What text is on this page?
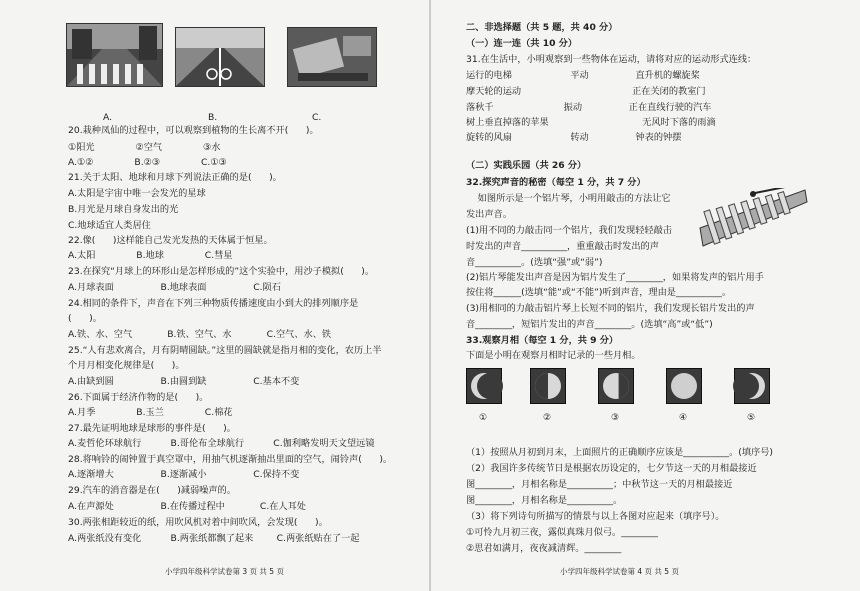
A.	B.	C.
20.栽种凤仙的过程中，可以观察到植物的生长离不开(      )。
①阳光              ②空气              ③水
A.①②              B.②③              C.①③
21.关于太阳、地球和月球下列说法正确的是(      )。
A.太阳是宇宙中唯一会发光的星球
B.月光是月球自身发出的光
C.地球适宜人类居住
22.像(      )这样能自己发光发热的天体属于恒星。
A.太阳              B.地球              C.彗星
23.在探究“月球上的环形山是怎样形成的”这个实验中，用沙子模拟(      )。
A.月球表面                B.地球表面                C.陨石
24.相同的条件下，声音在下列三种物质传播速度由小到大的排列顺序是
(      )。
A.铁、水、空气            B.铁、空气、水            C.空气、水、铁
25.“人有悲欢离合，月有阴晴圆缺。”这里的圆缺就是指月相的变化，农历上半
个月月相变化规律是(      )。
A.由缺到圆                B.由圆到缺                C.基本不变
26.下面属于经济作物的是(      )。
A.月季              B.玉兰              C.棉花
27.最先证明地球是球形的事件是(      )。
A.麦哲伦环球航行          B.哥伦布全球航行          C.伽利略发明天文望远镜
28.将响铃的闹钟置于真空罩中，用抽气机逐渐抽出里面的空气，闹铃声(      )。
A.逐渐增大                B.逐渐减小                C.保持不变
29.汽车的消音器是在(      )减弱噪声的。
A.在声源处                B.在传播过程中            C.在人耳处
30.两张相距较近的纸，用吹风机对着中间吹风，会发现(      )。
A.两张纸没有变化          B.两张纸都飘了起来        C.两张纸贴在了一起
小学四年级科学试卷第 3 页 共 5 页
二、非选择题（共 5 题，共 40 分）
（一）连一连（共 10 分）
31.在生活中，小明观察到一些物体在运动，请将对应的运动形式连线：
运行的电梯                    平动                直升机的螺旋桨
摩天轮的运动                                      正在关闭的教室门
落秋千                        振动                正在直线行驶的汽车
树上垂直掉落的苹果                                无风时下落的雨滴
旋转的风扇                    转动                钟表的钟摆
（二）实践乐园（共 26 分）
32.探究声音的秘密（每空 1 分，共 7 分）
如图所示是一个铝片琴，小明用敲击的方法让它
发出声音。
(1)用不同的力敲击同一个铝片，我们发现轻轻敲击
时发出的声音__________，重重敲击时发出的声
音__________。(选填“强”或“弱”)
(2)铝片琴能发出声音是因为铝片发生了________，如果将发声的铝片用手
按住将______(选填“能”或“不能”)听到声音，理由是__________。
(3)用相同的力敲击铝片琴上长短不同的铝片，我们发现长铝片发出的声
音________，短铝片发出的声音________。(选填“高”或“低”)
33.观察月相（每空 1 分，共 9 分）
下面是小明在观察月相时记录的一些月相。
①	②	③	④	⑤
（1）按照从月初到月末，上面照片的正确顺序应该是__________。(填序号)
（2）我国许多传统节日是根据农历设定的，七夕节这一天的月相最接近
图________，月相名称是__________；中秋节这一天的月相最接近
图________，月相名称是__________。
（3）将下列诗句所描写的情景与以上各图对应起来（填序号）。
①可怜九月初三夜，露似真珠月似弓。________
②思君如满月，夜夜减清辉。________
小学四年级科学试卷第 4 页 共 5 页
